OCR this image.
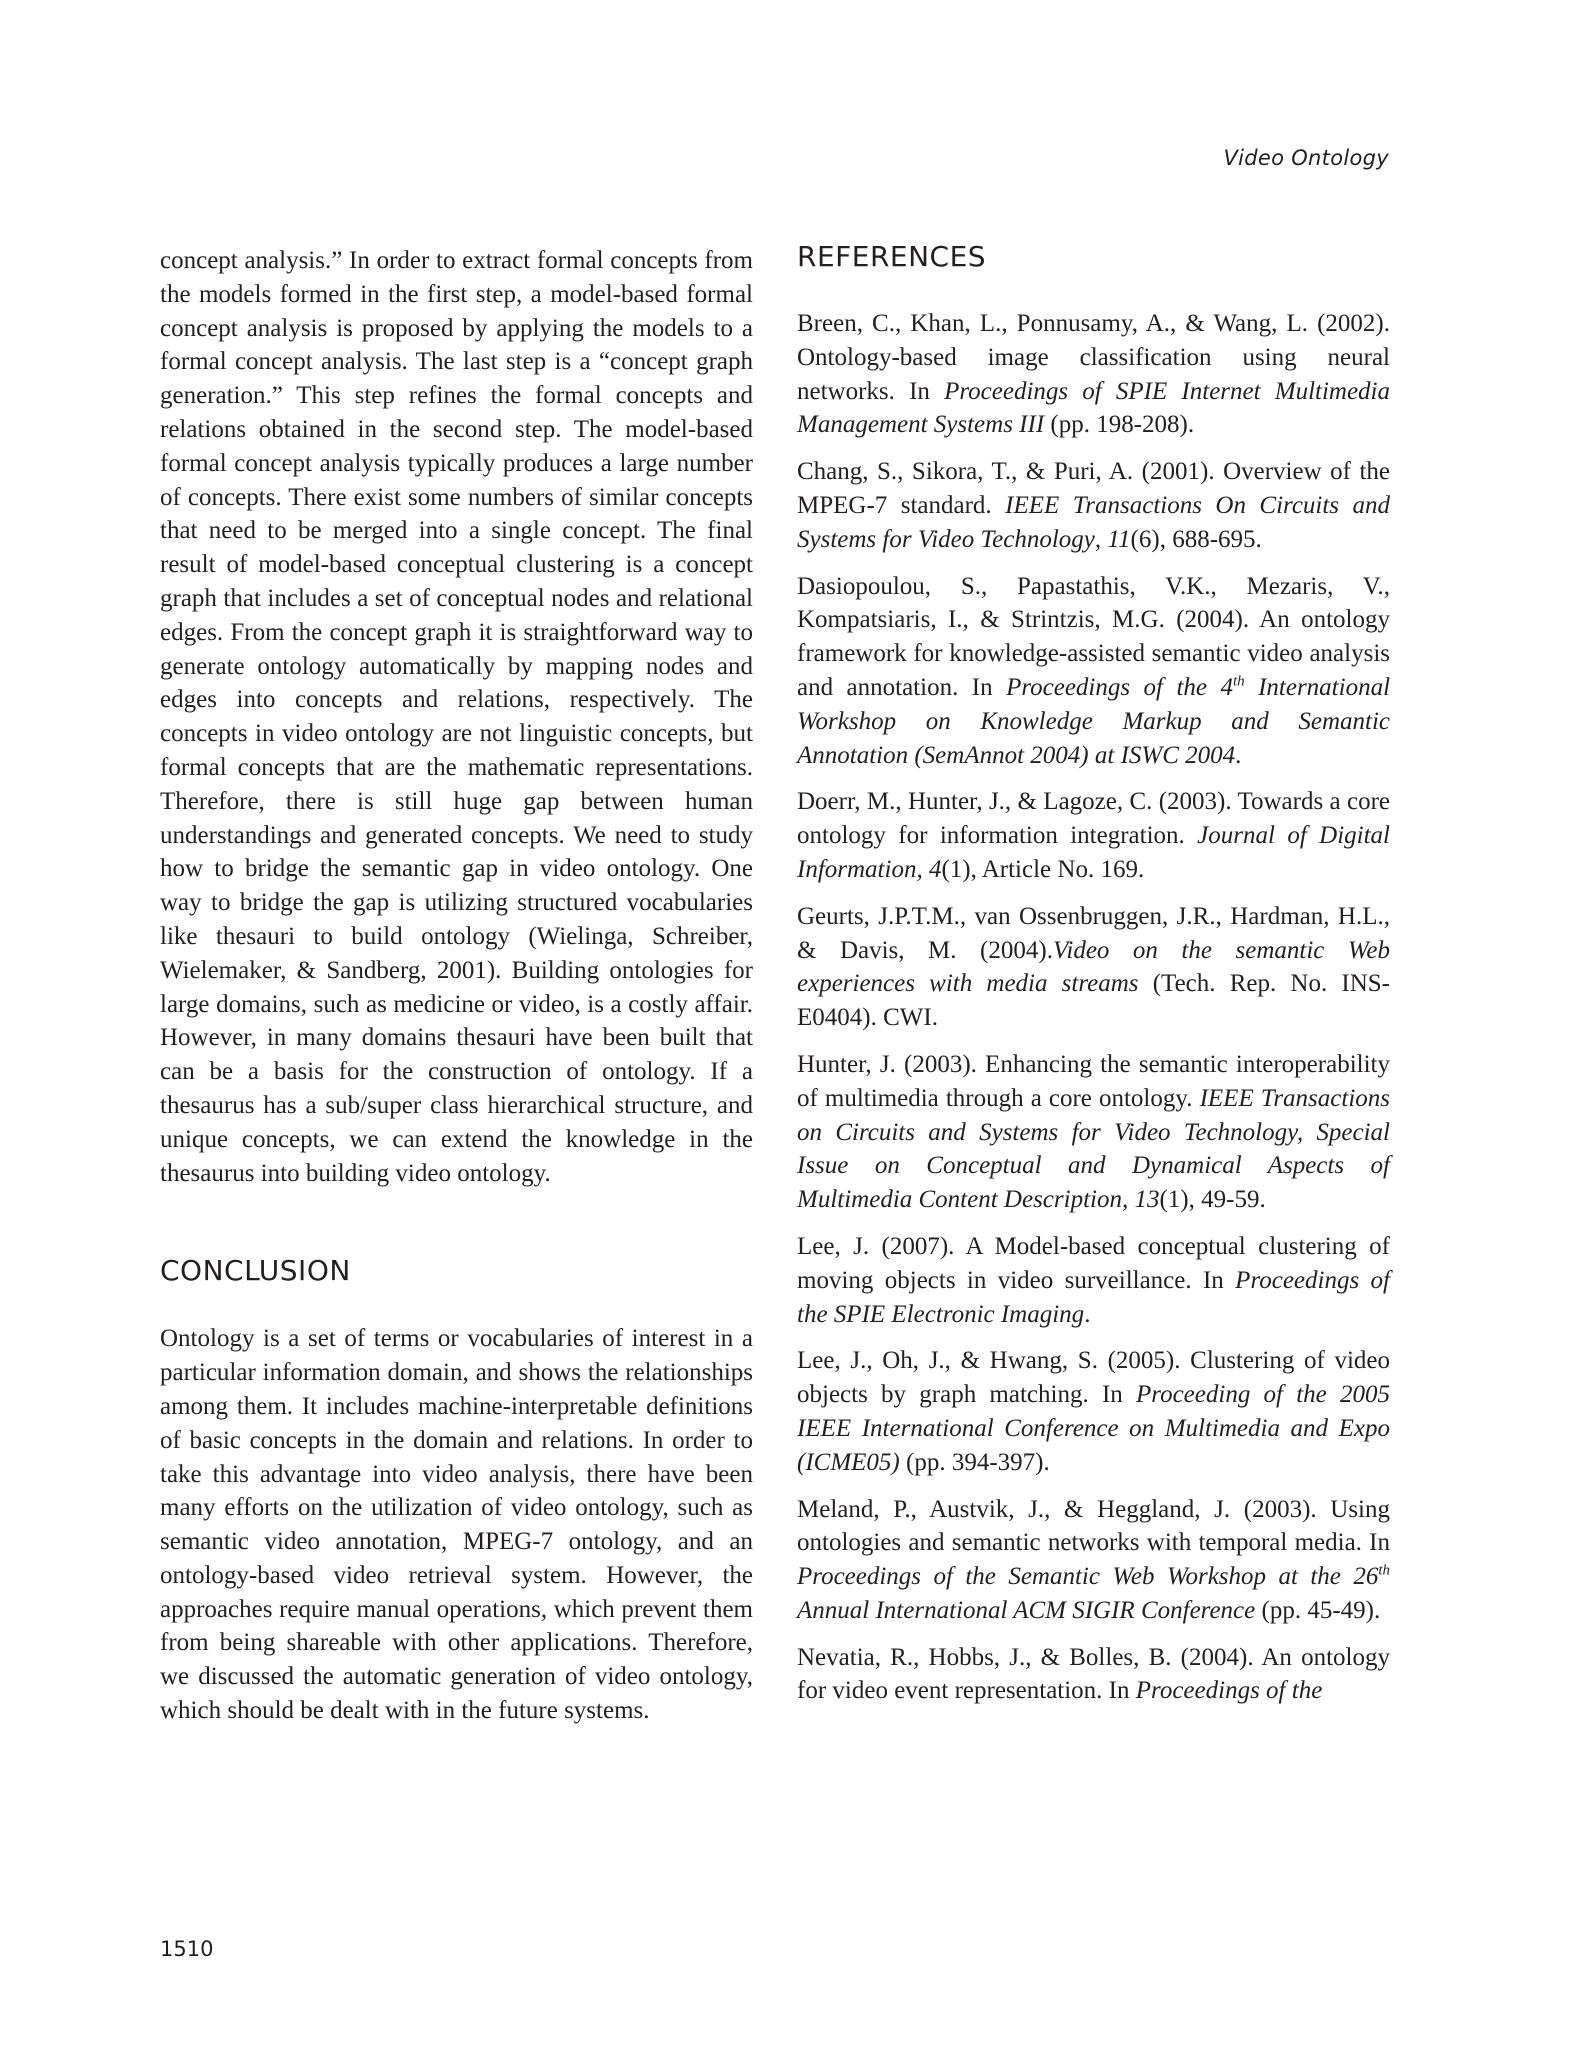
Video Ontology

concept analysis.” In order to extract formal concepts from the models formed in the first step, a model-based formal concept analysis is proposed by applying the models to a formal concept analysis. The last step is a “concept graph generation.” This step refines the formal concepts and relations obtained in the second step. The model-based formal concept analysis typically produces a large number of concepts. There exist some numbers of similar concepts that need to be merged into a single concept. The final result of model-based conceptual clustering is a concept graph that includes a set of conceptual nodes and relational edges. From the concept graph it is straightforward way to generate ontology automatically by mapping nodes and edges into concepts and relations, respectively. The concepts in video ontology are not linguistic concepts, but formal concepts that are the mathematic representations. Therefore, there is still huge gap between human understandings and generated concepts. We need to study how to bridge the semantic gap in video ontology. One way to bridge the gap is utilizing structured vocabularies like thesauri to build ontology (Wielinga, Schreiber, Wielemaker, & Sandberg, 2001). Building ontologies for large domains, such as medicine or video, is a costly affair. However, in many domains thesauri have been built that can be a basis for the construction of ontology. If a thesaurus has a sub/super class hierarchical structure, and unique concepts, we can extend the knowledge in the thesaurus into building video ontology.

CONCLUSION

Ontology is a set of terms or vocabularies of interest in a particular information domain, and shows the relationships among them. It includes machine-interpretable definitions of basic concepts in the domain and relations. In order to take this advantage into video analysis, there have been many efforts on the utilization of video ontology, such as semantic video annotation, MPEG-7 ontology, and an ontology-based video retrieval system. However, the approaches require manual operations, which prevent them from being shareable with other applications. Therefore, we discussed the automatic generation of video ontology, which should be dealt with in the future systems.

REFERENCES

Breen, C., Khan, L., Ponnusamy, A., & Wang, L. (2002). Ontology-based image classification using neural networks. In Proceedings of SPIE Internet Multimedia Management Systems III (pp. 198-208).

Chang, S., Sikora, T., & Puri, A. (2001). Overview of the MPEG-7 standard. IEEE Transactions On Circuits and Systems for Video Technology, 11(6), 688-695.

Dasiopoulou, S., Papastathis, V.K., Mezaris, V., Kompatsiaris, I., & Strintzis, M.G. (2004). An ontology framework for knowledge-assisted semantic video analysis and annotation. In Proceedings of the 4th International Workshop on Knowledge Markup and Semantic Annotation (SemAnnot 2004) at ISWC 2004.

Doerr, M., Hunter, J., & Lagoze, C. (2003). Towards a core ontology for information integration. Journal of Digital Information, 4(1), Article No. 169.

Geurts, J.P.T.M., van Ossenbruggen, J.R., Hardman, H.L., & Davis, M. (2004).Video on the semantic Web experiences with media streams (Tech. Rep. No. INS-E0404). CWI.

Hunter, J. (2003). Enhancing the semantic interoperability of multimedia through a core ontology. IEEE Transactions on Circuits and Systems for Video Technology, Special Issue on Conceptual and Dynamical Aspects of Multimedia Content Description, 13(1), 49-59.

Lee, J. (2007). A Model-based conceptual clustering of moving objects in video surveillance. In Proceedings of the SPIE Electronic Imaging.

Lee, J., Oh, J., & Hwang, S. (2005). Clustering of video objects by graph matching. In Proceeding of the 2005 IEEE International Conference on Multimedia and Expo (ICME05) (pp. 394-397).

Meland, P., Austvik, J., & Heggland, J. (2003). Using ontologies and semantic networks with temporal media. In Proceedings of the Semantic Web Workshop at the 26th Annual International ACM SIGIR Conference (pp. 45-49).

Nevatia, R., Hobbs, J., & Bolles, B. (2004). An ontology for video event representation. In Proceedings of the

1510
